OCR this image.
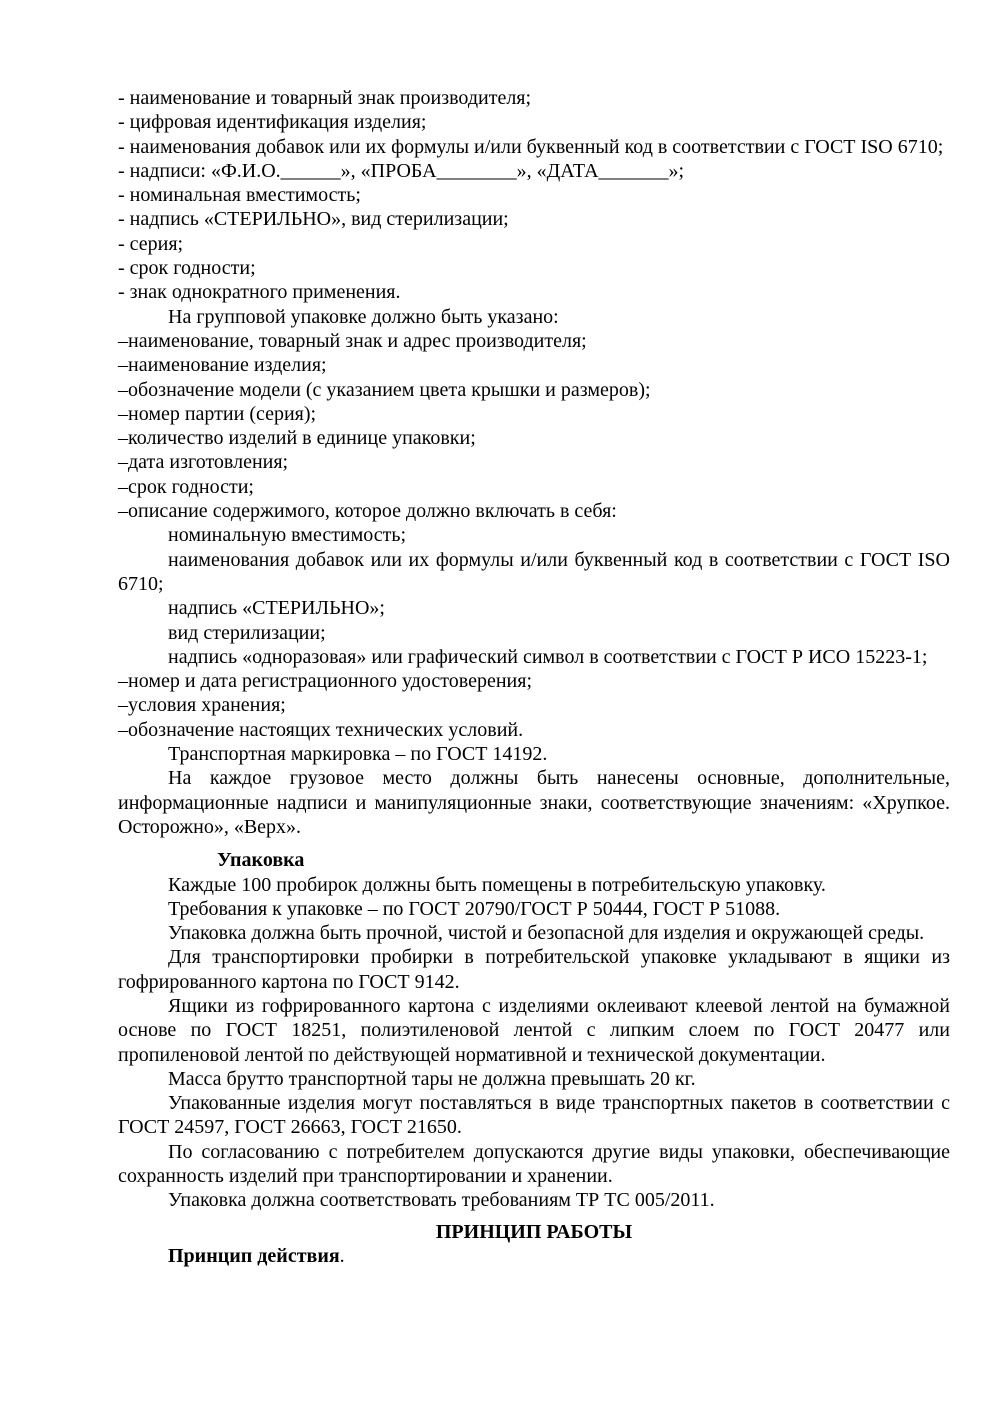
- наименование и товарный знак производителя;

- цифровая идентификация изделия;

- наименования добавок или их формулы и/или буквенный код в соответствии с ГОСТ ISO 6710;

- надписи: «Ф.И.О.______», «ПРОБА________», «ДАТА_______»;

- номинальная вместимость;

- надпись «СТЕРИЛЬНО», вид стерилизации;

- серия;

- срок годности;

- знак однократного применения.

На групповой упаковке должно быть указано:

–наименование, товарный знак и адрес производителя;

–наименование изделия;

–обозначение модели (с указанием цвета крышки и размеров);

–номер партии (серия);

–количество изделий в единице упаковки;

–дата изготовления;

–срок годности;

–описание содержимого, которое должно включать в себя:

номинальную вместимость;

наименования добавок или их формулы и/или буквенный код в соответствии с ГОСТ ISO 6710;

надпись «СТЕРИЛЬНО»;

вид стерилизации;

надпись «одноразовая» или графический символ в соответствии с ГОСТ Р ИСО 15223-1;

–номер и дата регистрационного удостоверения;

–условия хранения;

–обозначение настоящих технических условий.

Транспортная маркировка – по ГОСТ 14192.

На каждое грузовое место должны быть нанесены основные, дополнительные, информационные надписи и манипуляционные знаки, соответствующие значениям: «Хрупкое. Осторожно», «Верх».

Упаковка

Каждые 100 пробирок должны быть помещены в потребительскую упаковку.

Требования к упаковке – по ГОСТ 20790/ГОСТ Р 50444, ГОСТ Р 51088.

Упаковка должна быть прочной, чистой и безопасной для изделия и окружающей среды.

Для транспортировки пробирки в потребительской упаковке укладывают в ящики из гофрированного картона по ГОСТ 9142.

Ящики из гофрированного картона с изделиями оклеивают клеевой лентой на бумажной основе по ГОСТ 18251, полиэтиленовой лентой с липким слоем по ГОСТ 20477 или пропиленовой лентой по действующей нормативной и технической документации.

Масса брутто транспортной тары не должна превышать 20 кг.

Упакованные изделия могут поставляться в виде транспортных пакетов в соответствии с ГОСТ 24597, ГОСТ 26663, ГОСТ 21650.

По согласованию с потребителем допускаются другие виды упаковки, обеспечивающие сохранность изделий при транспортировании и хранении.

Упаковка должна соответствовать требованиям ТР ТС 005/2011.

ПРИНЦИП РАБОТЫ

Принцип действия.
